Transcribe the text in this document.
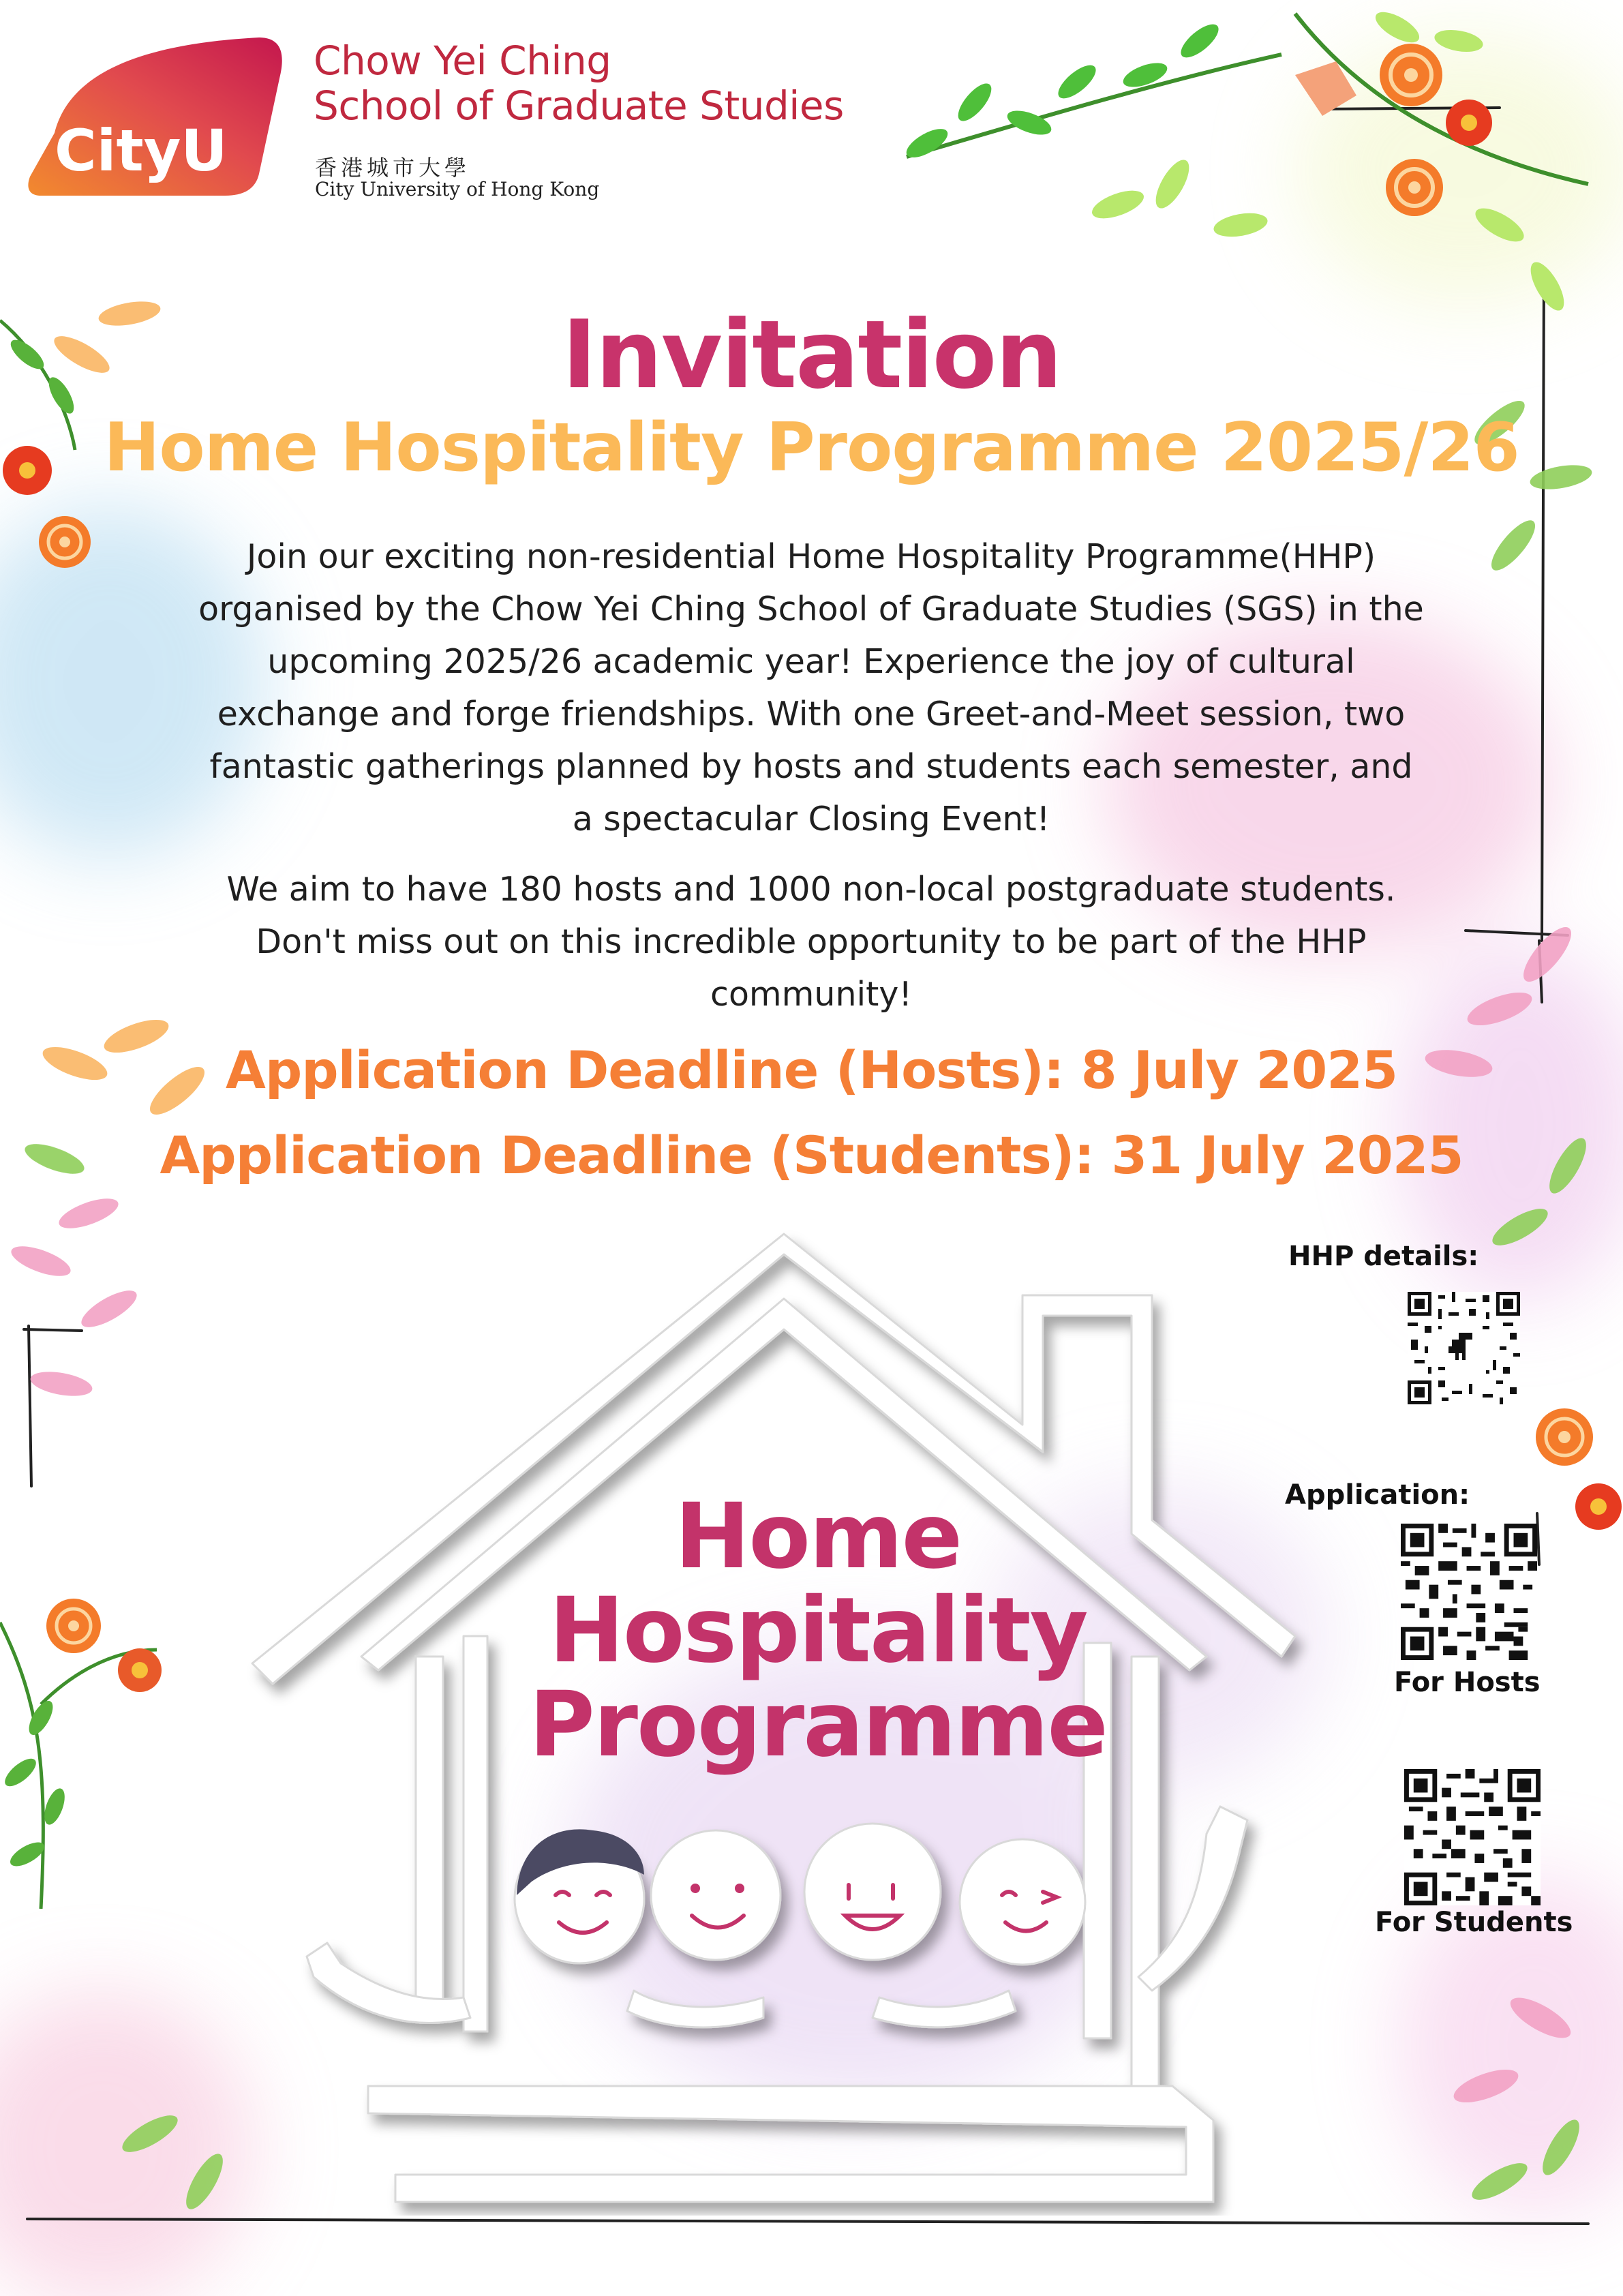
CityU
Chow Yei Ching
School of Graduate Studies
香港城市大學
City University of Hong Kong
Invitation
Home Hospitality Programme 2025/26
Join our exciting non-residential Home Hospitality Programme(HHP)
organised by the Chow Yei Ching School of Graduate Studies (SGS) in the
upcoming 2025/26 academic year! Experience the joy of cultural
exchange and forge friendships. With one Greet-and-Meet session, two
fantastic gatherings planned by hosts and students each semester, and
a spectacular Closing Event!
We aim to have 180 hosts and 1000 non-local postgraduate students.
Don't miss out on this incredible opportunity to be part of the HHP
community!
Application Deadline (Hosts): 8 July 2025
Application Deadline (Students): 31 July 2025
Home
Hospitality
Programme
HHP details:
Application:
For Hosts
For Students
